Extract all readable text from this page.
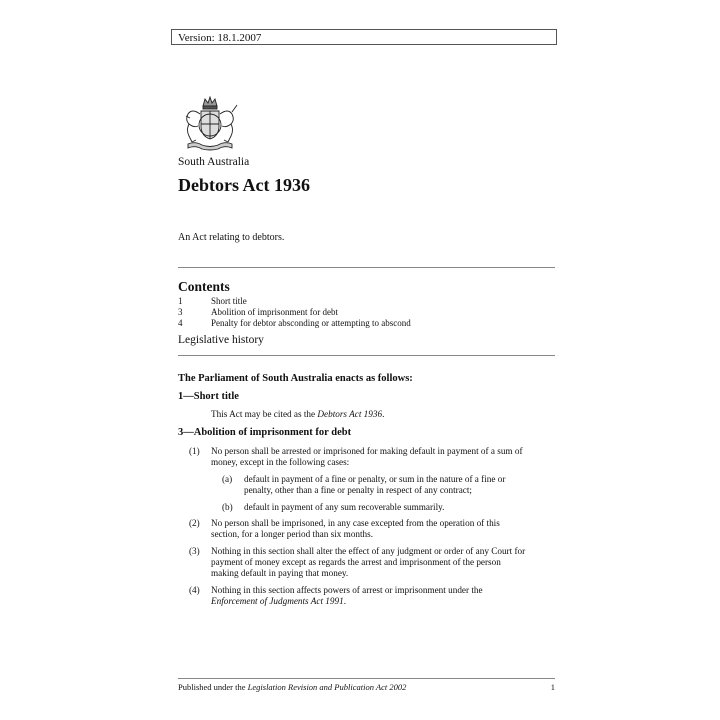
Version: 18.1.2007
South Australia
Debtors Act 1936
An Act relating to debtors.
Contents
1	Short title
3	Abolition of imprisonment for debt
4	Penalty for debtor absconding or attempting to abscond
Legislative history
The Parliament of South Australia enacts as follows:
1—Short title
This Act may be cited as the Debtors Act 1936.
3—Abolition of imprisonment for debt
(1) No person shall be arrested or imprisoned for making default in payment of a sum of
money, except in the following cases:
(a) default in payment of a fine or penalty, or sum in the nature of a fine or
penalty, other than a fine or penalty in respect of any contract;
(b) default in payment of any sum recoverable summarily.
(2) No person shall be imprisoned, in any case excepted from the operation of this
section, for a longer period than six months.
(3) Nothing in this section shall alter the effect of any judgment or order of any Court for
payment of money except as regards the arrest and imprisonment of the person
making default in paying that money.
(4) Nothing in this section affects powers of arrest or imprisonment under the
Enforcement of Judgments Act 1991.
Published under the Legislation Revision and Publication Act 2002	1
